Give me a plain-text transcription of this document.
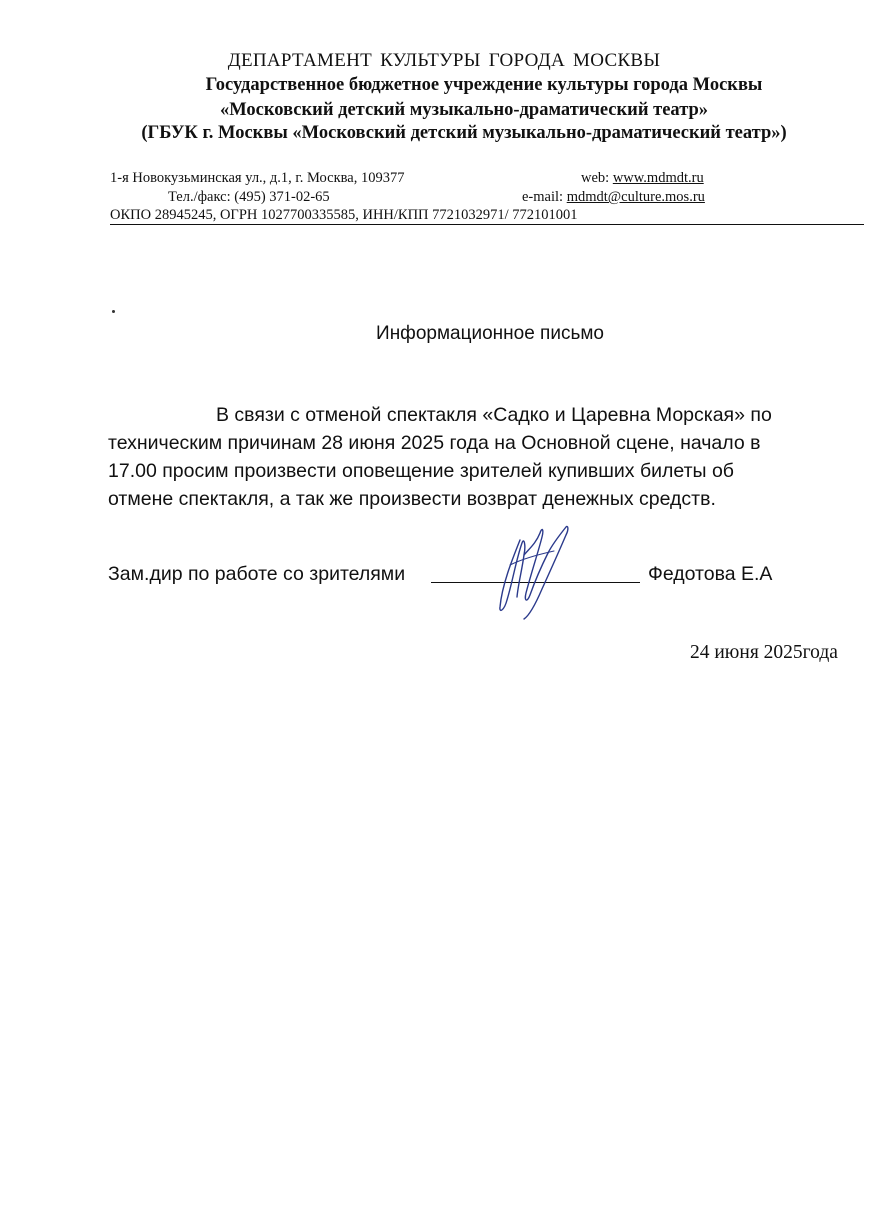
ДЕПАРТАМЕНТ КУЛЬТУРЫ ГОРОДА МОСКВЫ
Государственное бюджетное учреждение культуры города Москвы
«Московский детский музыкально-драматический театр»
(ГБУК г. Москвы «Московский детский музыкально-драматический театр»)
1-я Новокузьминская ул., д.1, г. Москва, 109377	web: www.mdmdt.ru
Тел./факс: (495) 371-02-65	e-mail: mdmdt@culture.mos.ru
ОКПО 28945245, ОГРН 1027700335585, ИНН/КПП 7721032971/ 772101001
Информационное письмо
В связи с отменой спектакля «Садко и Царевна Морская» по
техническим причинам 28 июня 2025 года на Основной сцене, начало в
17.00 просим произвести оповещение зрителей купивших билеты об
отмене спектакля, а так же произвести возврат денежных средств.
Зам.дир по работе со зрителями	Федотова Е.А
24 июня 2025года
